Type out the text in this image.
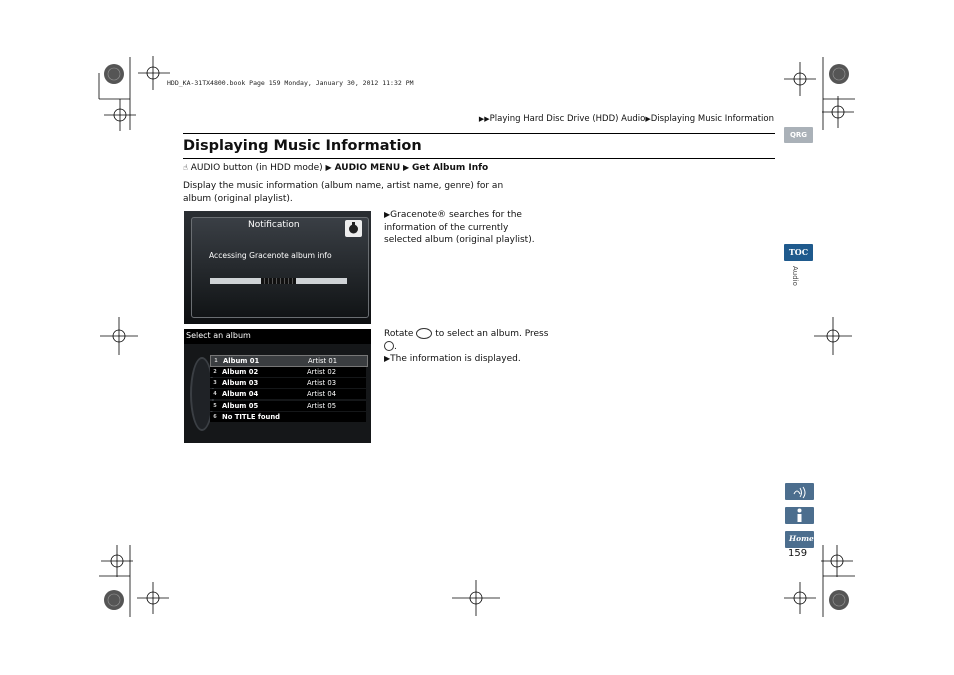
HDD_KA-31TX4800.book Page 159 Monday, January 30, 2012 11:32 PM
▶▶Playing Hard Disc Drive (HDD) Audio▶Displaying Music Information
Displaying Music Information
☝ AUDIO button (in HDD mode) ▶ AUDIO MENU ▶ Get Album Info
Display the music information (album name, artist name, genre) for an album (original playlist).
Notification
Accessing Gracenote album info
▶Gracenote® searches for the information of the currently selected album (original playlist).
Select an album
1 Album 01	Artist 01
2 Album 02	Artist 02
3 Album 03	Artist 03
4 Album 04	Artist 04
5 Album 05	Artist 05
6 No TITLE found
Rotate to select an album. Press
.
▶The information is displayed.
QRG
TOC
Audio
Home
159
